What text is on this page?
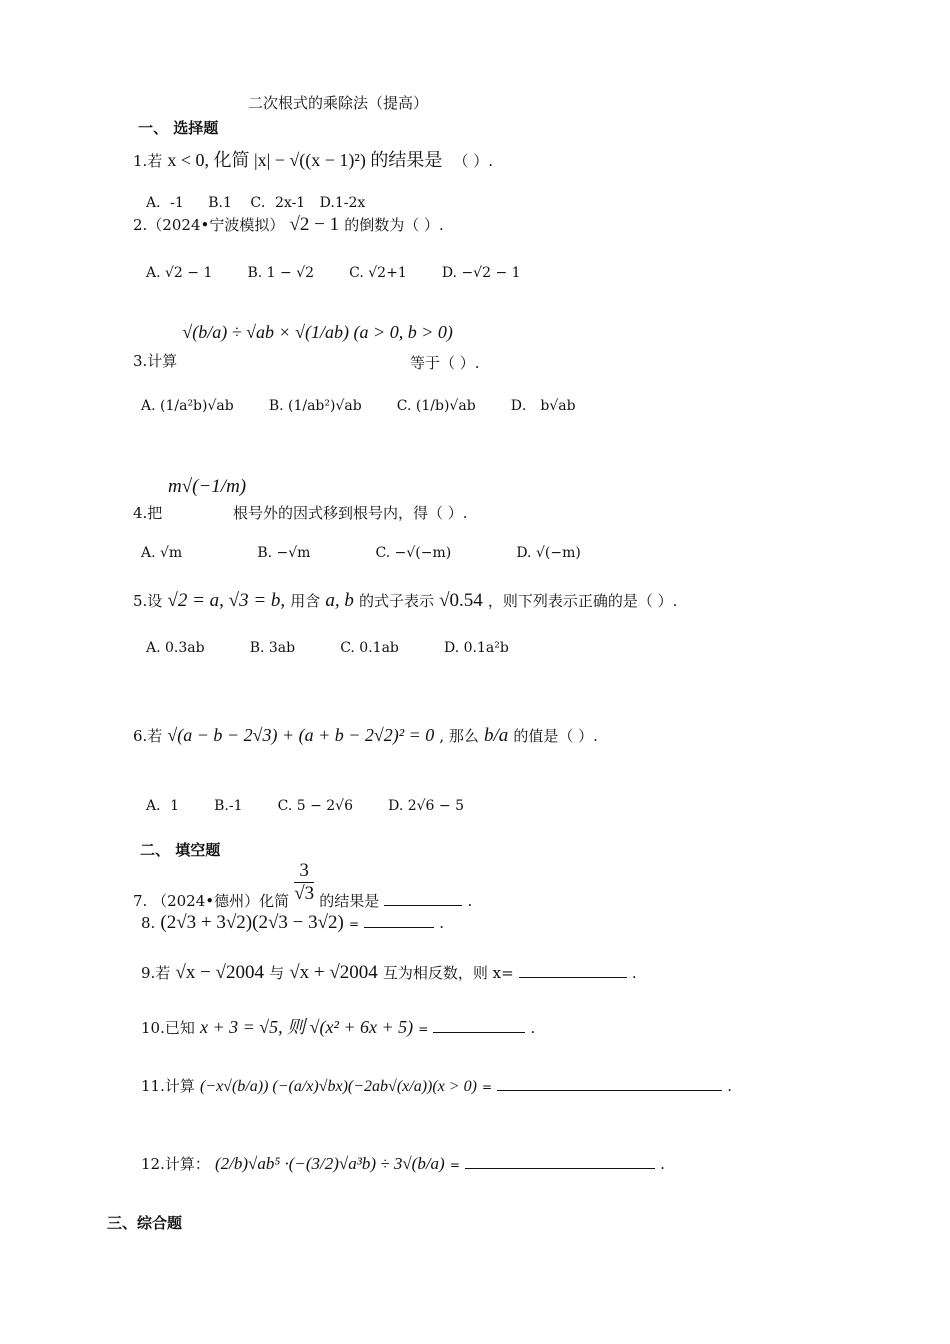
二次根式的乘除法（提高）
一、 选择题
1.若 x < 0, 化简 |x| − √((x − 1)²) 的结果是 （ ）.
A．-1 B.1 C．2x-1 D.1-2x
2.（2024•宁波模拟） √2 − 1 的倒数为（ ）.
A. √2 − 1	B. 1 − √2	C. √2+1	D. −√2 − 1
3.计算 √(b/a) ÷ √ab × √(1/ab) (a > 0, b > 0)
等于（ ）.
A. (1/a²b)√ab	B. (1/ab²)√ab	C. (1/b)√ab	D． b√ab
m√(−1/m)
4.把	根号外的因式移到根号内，得（ ）.
A. √m	B. −√m	C. −√(−m)	D. √(−m)
5.设 √2 = a, √3 = b, 用含 a, b 的式子表示 √0.54 ，则下列表示正确的是（ ）.
A. 0.3ab	B. 3ab	C. 0.1ab	D. 0.1a²b
6.若 √(a − b − 2√3) + (a + b − 2√2)² = 0 , 那么 b/a 的值是（ ）.
A．1	B.-1	C. 5 − 2√6	D. 2√6 − 5
二、 填空题
7. （2024•德州）化简 $\frac{3}{√3}$ 的结果是	.
8. (2√3 + 3√2)(2√3 − 3√2) =	.
9.若 √x − √2004 与 √x + √2004 互为相反数，则 x=	.
10.已知 x + 3 = √5, 则 √(x² + 6x + 5) =	.
11.计算 (−x√(b/a)) (−(a/x)√bx)(−2ab√(x/a))(x > 0) =	.
12.计算： (2/b)√ab⁵ ·(−(3/2)√a³b) ÷ 3√(b/a) =	.
三、综合题
